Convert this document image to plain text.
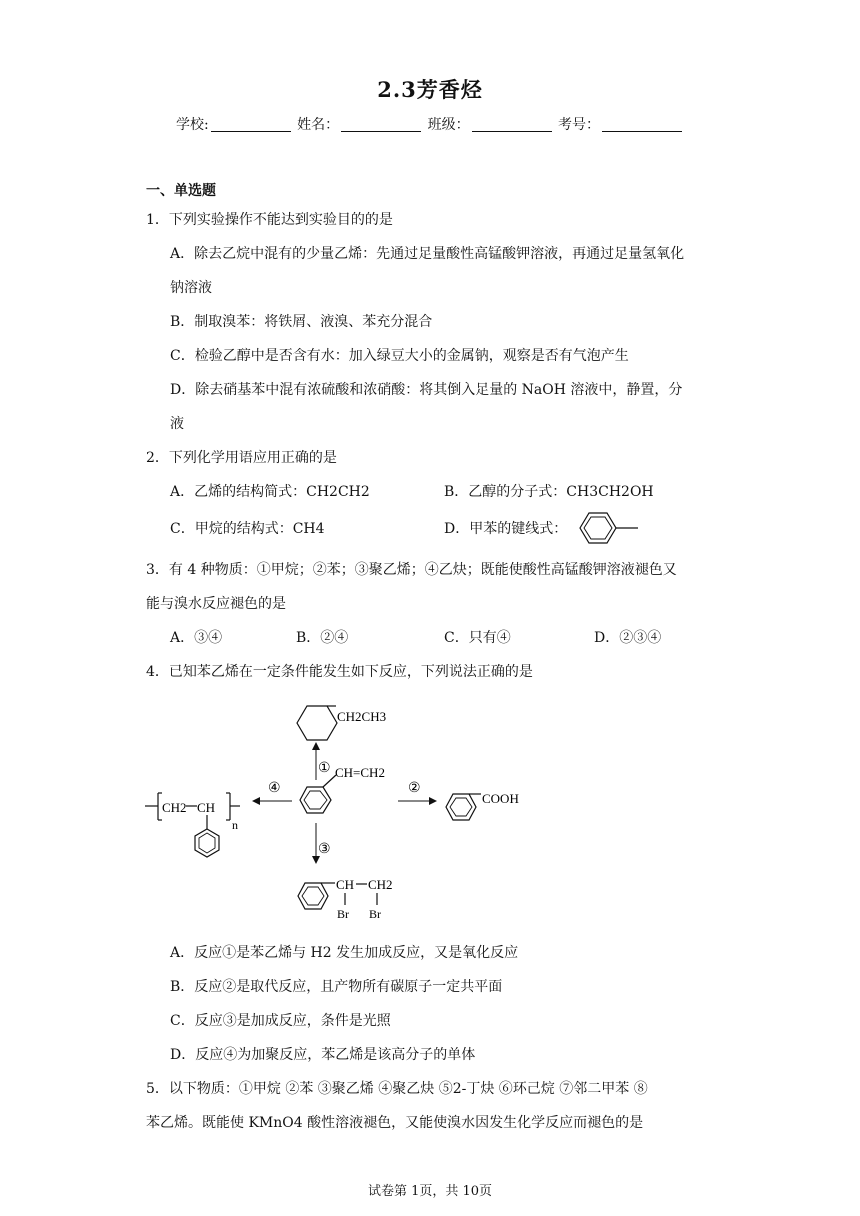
2.3芳香烃
学校:	姓名：	班级：	考号：
一、单选题
1．下列实验操作不能达到实验目的的是
A．除去乙烷中混有的少量乙烯：先通过足量酸性高锰酸钾溶液，再通过足量氢氧化
钠溶液
B．制取溴苯：将铁屑、液溴、苯充分混合
C．检验乙醇中是否含有水：加入绿豆大小的金属钠，观察是否有气泡产生
D．除去硝基苯中混有浓硫酸和浓硝酸：将其倒入足量的 NaOH 溶液中，静置，分
液
2．下列化学用语应用正确的是
A．乙烯的结构简式：CH2CH2	B．乙醇的分子式：CH3CH2OH
C．甲烷的结构式：CH4	D．甲苯的键线式：
3．有 4 种物质：①甲烷；②苯；③聚乙烯；④乙炔；既能使酸性高锰酸钾溶液褪色又
能与溴水反应褪色的是
A．③④	B．②④	C．只有④	D．②③④
4．已知苯乙烯在一定条件能发生如下反应，下列说法正确的是
CH2CH3
① CH=CH2
②
COOH
④
CH2 CH
n
③
CH CH2
Br Br
A．反应①是苯乙烯与 H2 发生加成反应，又是氧化反应
B．反应②是取代反应，且产物所有碳原子一定共平面
C．反应③是加成反应，条件是光照
D．反应④为加聚反应，苯乙烯是该高分子的单体
5．以下物质：①甲烷 ②苯 ③聚乙烯 ④聚乙炔 ⑤2-丁炔 ⑥环己烷 ⑦邻二甲苯 ⑧
苯乙烯。既能使 KMnO4 酸性溶液褪色，又能使溴水因发生化学反应而褪色的是
试卷第 1页，共 10页
